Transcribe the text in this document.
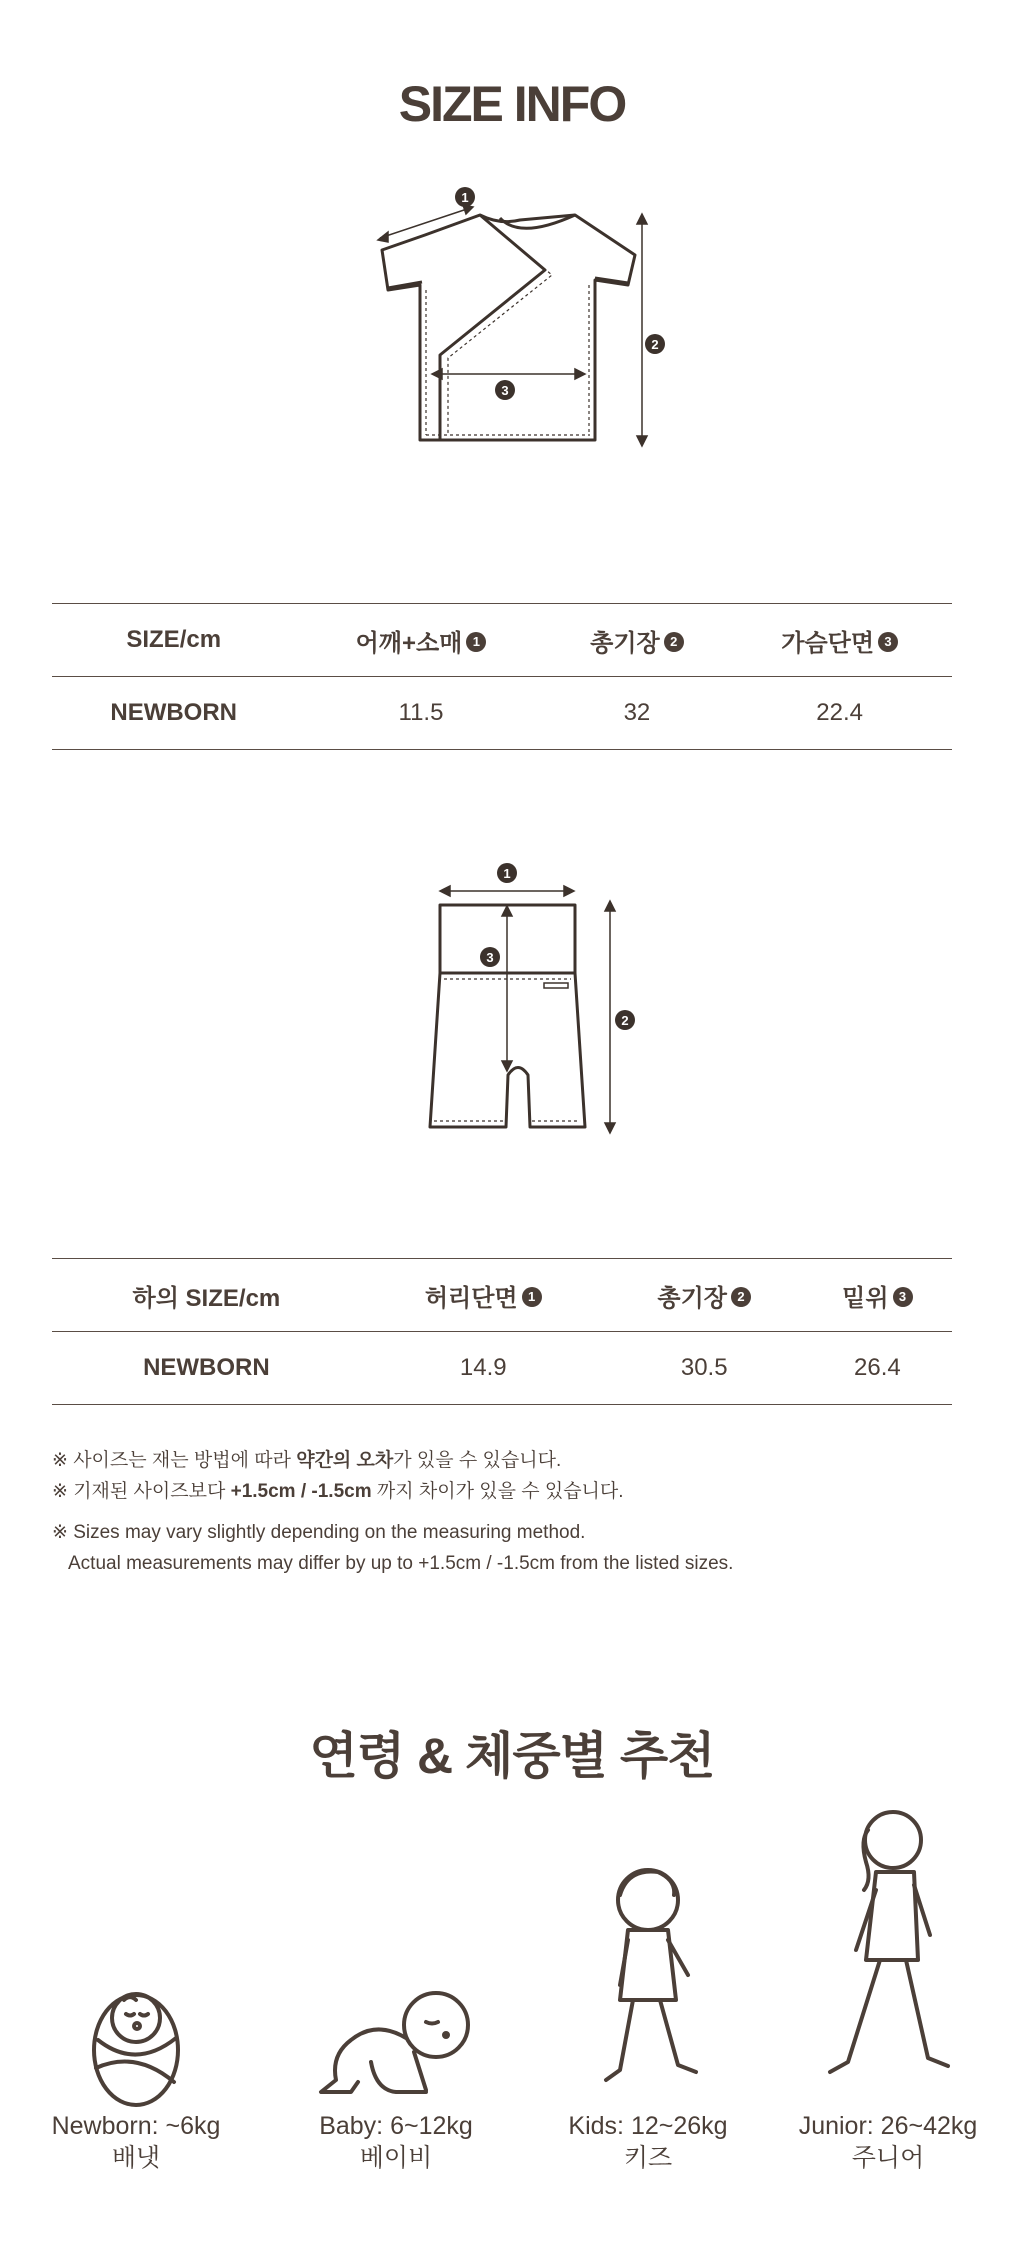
SIZE INFO
1
2
3
SIZE/cm	어깨+소매 1	총기장 2	가슴단면 3
NEWBORN	11.5	32	22.4
1
2
3
하의 SIZE/cm	허리단면 1	총기장 2	밑위 3
NEWBORN	14.9	30.5	26.4

※ 사이즈는 재는 방법에 따라 약간의 오차가 있을 수 있습니다.

※ 기재된 사이즈보다 +1.5cm / -1.5cm 까지 차이가 있을 수 있습니다.

※ Sizes may vary slightly depending on the measuring method.

Actual measurements may differ by up to +1.5cm / -1.5cm from the listed sizes.

연령 & 체중별 추천
Newborn: ~6kg
배냇
Baby: 6~12kg
베이비
Kids: 12~26kg
키즈
Junior: 26~42kg
주니어
